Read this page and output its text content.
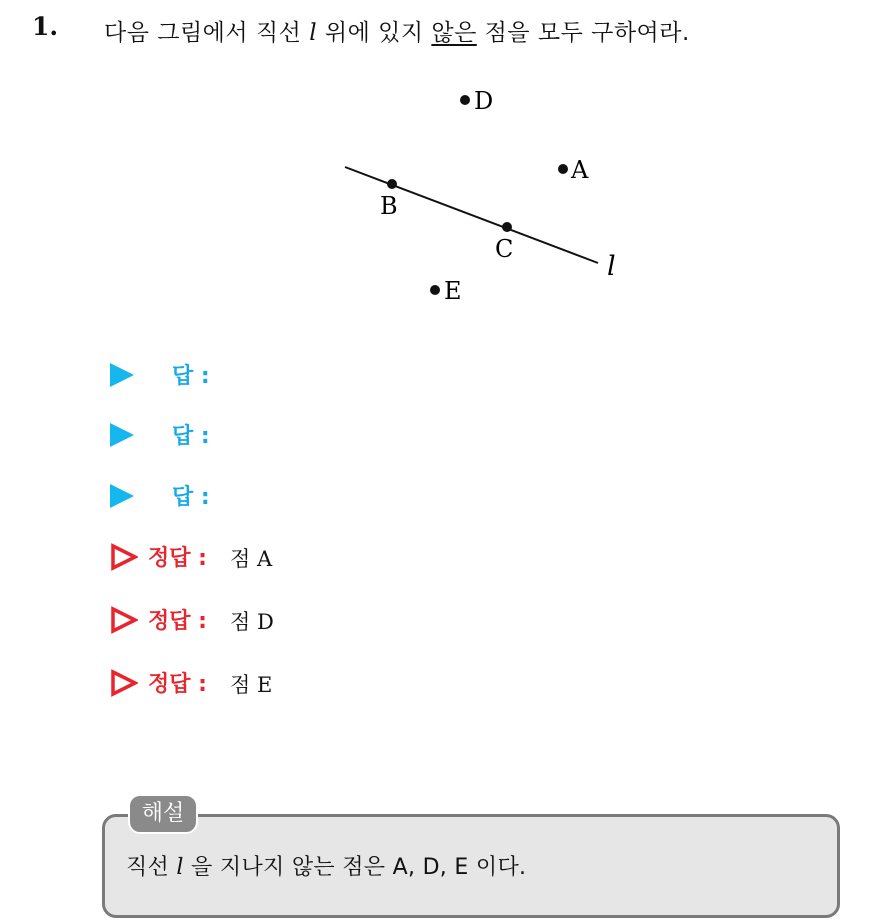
1. 다음 그림에서 직선 l 위에 있지 않은 점을 모두 구하여라.
D
A
B
C
E
l
답 :
답 :
답 :
정답 : 점 A
정답 : 점 D
정답 : 점 E
해설
직선 l 을 지나지 않는 점은 A, D, E 이다.
